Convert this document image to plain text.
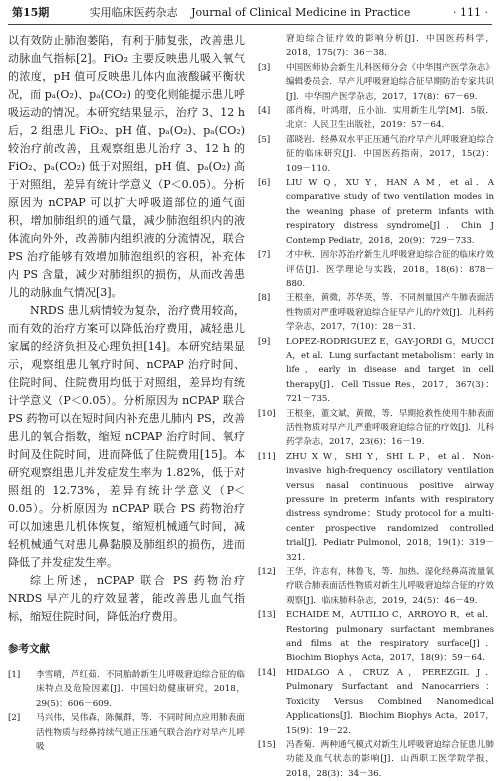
第15期	实用临床医药杂志 Journal of Clinical Medicine in Practice	· 111 ·

以有效防止肺泡萎陷，有利于肺复张，改善患儿动脉血气指标[2]。FiO₂ 主要反映患儿吸入氧气的浓度，pH 值可反映患儿体内血液酸碱平衡状况，而 pₐ(O₂)、pₐ(CO₂) 的变化则能提示患儿呼吸运动的情况。本研究结果显示，治疗 3、12 h 后，2 组患儿 FiO₂、pH 值、pₐ(O₂)、pₐ(CO₂) 较治疗前改善，且观察组患儿治疗 3、12 h 的 FiO₂、pₐ(CO₂) 低于对照组，pH 值、pₐ(O₂) 高于对照组，差异有统计学意义（P＜0.05）。分析原因为 nCPAP 可以扩大呼吸道部位的通气面积，增加肺组织的通气量，减少肺泡组织内的液体流向外外，改善肺内组织液的分流情况，联合 PS 治疗能够有效增加肺泡组织的容积，补充体内 PS 含量，减少对肺组织的损伤，从而改善患儿的动脉血气情况[3]。

NRDS 患儿病情较为复杂，治疗费用较高，而有效的治疗方案可以降低治疗费用，减轻患儿家属的经济负担及心理负担[14]。本研究结果显示，观察组患儿氧疗时间、nCPAP 治疗时间、住院时间、住院费用均低于对照组，差异均有统计学意义（P＜0.05）。分析原因为 nCPAP 联合 PS 药物可以在短时间内补充患儿肺内 PS，改善患儿的氧合指数，缩短 nCPAP 治疗时间、氧疗时间及住院时间，进而降低了住院费用[15]。本研究观察组患儿并发症发生率为 1.82%，低于对照组的 12.73%，差异有统计学意义（P＜0.05）。分析原因为 nCPAP 联合 PS 药物治疗可以加速患儿机体恢复，缩短机械通气时间，减轻机械通气对患儿鼻黏膜及肺组织的损伤，进而降低了并发症发生率。

综上所述，nCPAP 联合 PS 药物治疗 NRDS 早产儿的疗效显著，能改善患儿血气指标，缩短住院时间，降低治疗费用。

参考文献

[1] 李雪晴，芦红茹．不同胎龄新生儿呼吸窘迫综合征的临床特点及危险因素[J]．中国妇幼健康研究，2018，29(5)：606－609.
[2] 马兴伟，吴伟森，陈佩群，等．不同时间点应用肺表面活性物质与经鼻持续气道正压通气联合治疗对早产儿呼吸
窘迫综合征疗效的影响分析[J]．中国医药科学，2018，175(7)：36－38.
[3] 中国医师协会新生儿科医师分会《中华围产医学杂志》编辑委员会．早产儿呼吸窘迫综合征早期防治专家共识[J]．中华围产医学杂志，2017，17(8)：67－69.
[4] 邵肖梅，叶鸿瑁，丘小汕．实用新生儿学[M]．5版．北京：人民卫生出版社，2019：57－64.
[5] 邵晓岩．经鼻双水平正压通气治疗早产儿呼吸窘迫综合征的临床研究[J]．中国医药指南，2017，15(2)：109－110.
[6] LIU W Q，XU Y，HAN A M，et al．A comparative study of two ventilation modes in the weaning phase of preterm infants with respiratory distress syndrome[J]．Chin J Contemp Pediatr，2018，20(9)：729－733.
[7] 才中秋．固尔苏治疗新生儿呼吸窘迫综合征的临床疗效评估[J]．医学理论与实践，2018，18(6)：878－880.
[8] 王根奎，黄微，苏华英，等．不同剂量国产牛肺表面活性物质对严重呼吸窘迫综合征早产儿的疗效[J]．儿科药学杂志，2017，7(10)：28－31.
[9] LOPEZ-RODRIGUEZ E，GAY-JORDI G，MUCCI A，et al．Lung surfactant metabolism：early in life，early in disease and target in cell therapy[J]．Cell Tissue Res，2017，367(3)：721－735.
[10] 王根奎，董文斌，黄微，等．早期抢救性使用牛肺表面活性物质对早产儿严重呼吸窘迫综合征的疗效[J]．儿科药学杂志，2017，23(6)：16－19.
[11] ZHU X W，SHI Y，SHI L P，et al．Non-invasive high-frequency oscillatory ventilation versus nasal continuous positive airway pressure in preterm infants with respiratory distress syndrome：Study protocol for a multi-center prospective randomized controlled trial[J]．Pediatr Pulmonol，2018，19(1)：319－321.
[12] 王华，许志有，林鲁飞，等．加热、湿化经鼻高流量氧疗联合肺表面活性物质对新生儿呼吸窘迫综合征的疗效观察[J]．临床肺科杂志，2019，24(5)：46－49.
[13] ECHAIDE M，AUTILIO C，ARROYO R，et al．Restoring pulmonary surfactant membranes and films at the respiratory surface[J]．Biochim Biophys Acta，2017，18(9)：59－64.
[14] HIDALGO A，CRUZ A，PEREZGIL J．Pulmonary Surfactant and Nanocarriers：Toxicity Versus Combined Nanomedical Applications[J]．Biochim Biophys Acta，2017，15(9)：19－22.
[15] 冯香菊．两种通气模式对新生儿呼吸窘迫综合征患儿肺功能及血气状态的影响[J]．山西职工医学院学报，2018，28(3)：34－36.
